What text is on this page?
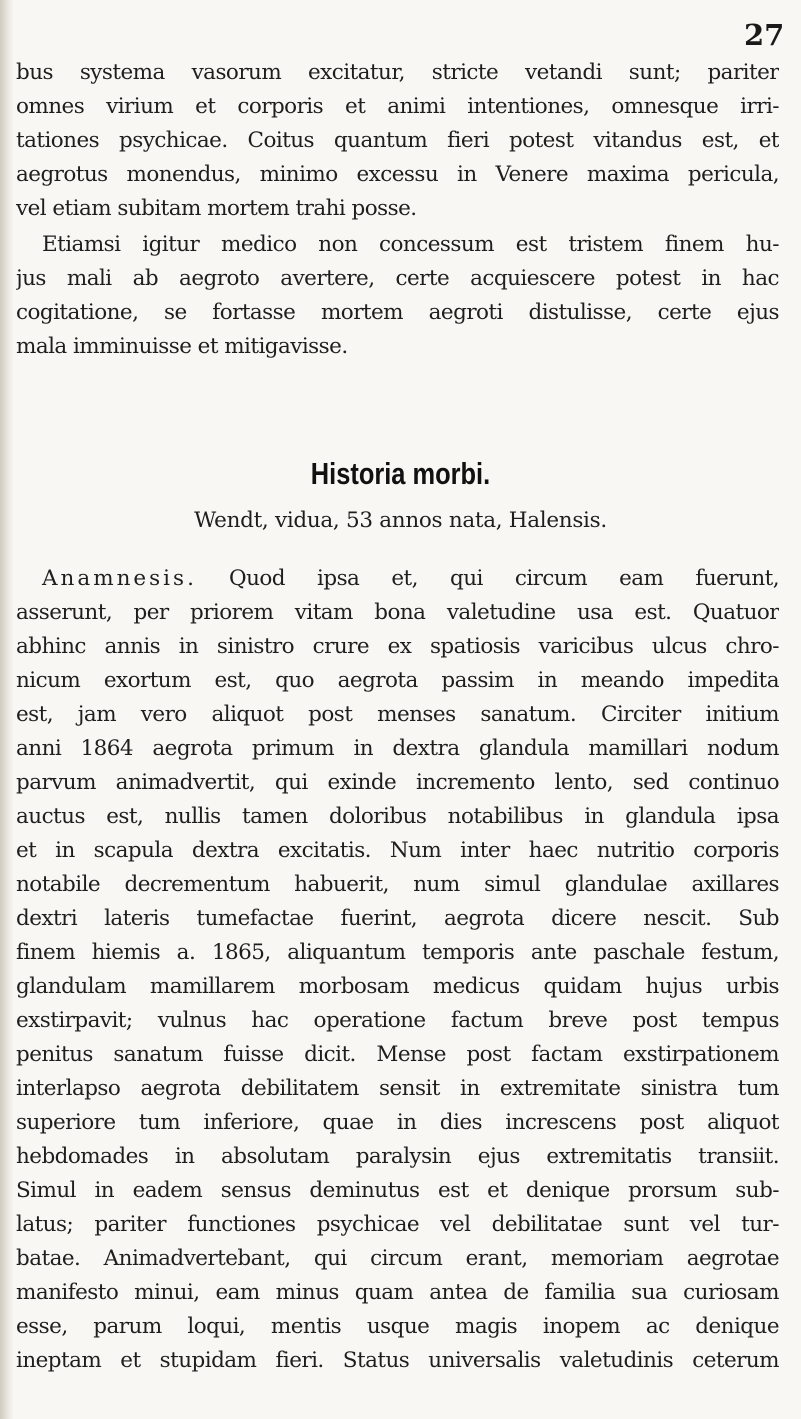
27
bus systema vasorum excitatur, stricte vetandi sunt; pariter
omnes virium et corporis et animi intentiones, omnesque irri-
tationes psychicae. Coitus quantum fieri potest vitandus est, et
aegrotus monendus, minimo excessu in Venere maxima pericula,
vel etiam subitam mortem trahi posse.
Etiamsi igitur medico non concessum est tristem finem hu-
jus mali ab aegroto avertere, certe acquiescere potest in hac
cogitatione, se fortasse mortem aegroti distulisse, certe ejus
mala imminuisse et mitigavisse.
Historia morbi.
Wendt, vidua, 53 annos nata, Halensis.
Anamnesis. Quod ipsa et, qui circum eam fuerunt,
asserunt, per priorem vitam bona valetudine usa est. Quatuor
abhinc annis in sinistro crure ex spatiosis varicibus ulcus chro-
nicum exortum est, quo aegrota passim in meando impedita
est, jam vero aliquot post menses sanatum. Circiter initium
anni 1864 aegrota primum in dextra glandula mamillari nodum
parvum animadvertit, qui exinde incremento lento, sed continuo
auctus est, nullis tamen doloribus notabilibus in glandula ipsa
et in scapula dextra excitatis. Num inter haec nutritio corporis
notabile decrementum habuerit, num simul glandulae axillares
dextri lateris tumefactae fuerint, aegrota dicere nescit. Sub
finem hiemis a. 1865, aliquantum temporis ante paschale festum,
glandulam mamillarem morbosam medicus quidam hujus urbis
exstirpavit; vulnus hac operatione factum breve post tempus
penitus sanatum fuisse dicit. Mense post factam exstirpationem
interlapso aegrota debilitatem sensit in extremitate sinistra tum
superiore tum inferiore, quae in dies increscens post aliquot
hebdomades in absolutam paralysin ejus extremitatis transiit.
Simul in eadem sensus deminutus est et denique prorsum sub-
latus; pariter functiones psychicae vel debilitatae sunt vel tur-
batae. Animadvertebant, qui circum erant, memoriam aegrotae
manifesto minui, eam minus quam antea de familia sua curiosam
esse, parum loqui, mentis usque magis inopem ac denique
ineptam et stupidam fieri. Status universalis valetudinis ceterum
